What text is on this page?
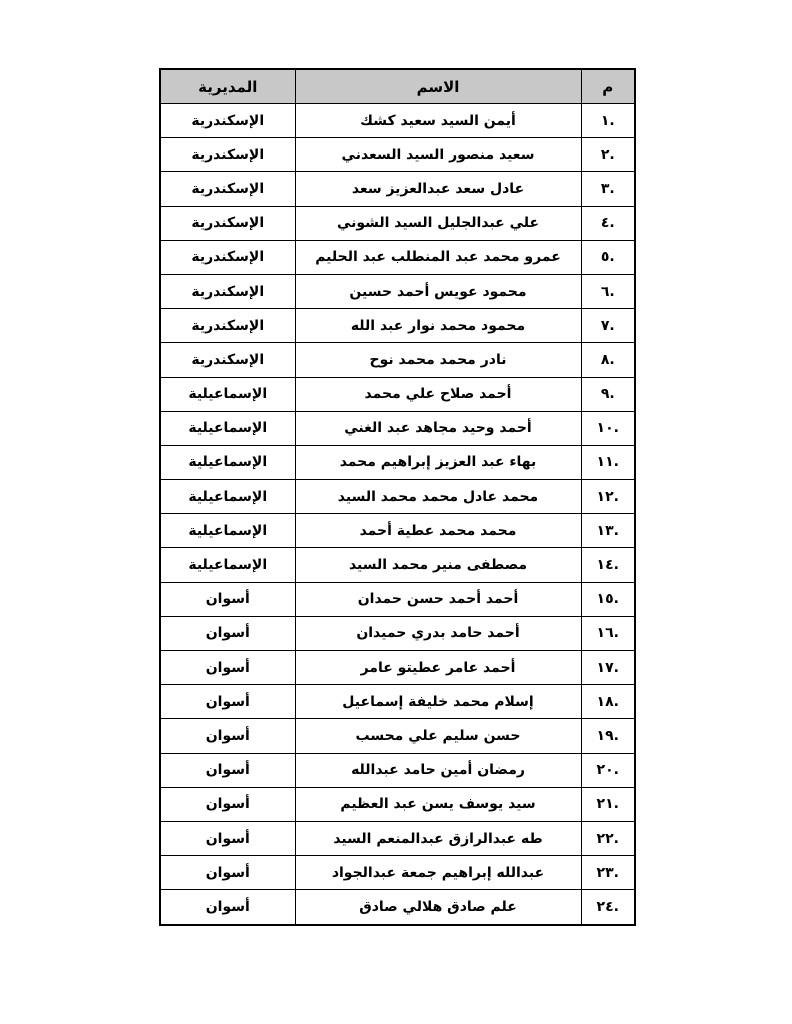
م	الاسم	المديرية
.١	أيمن السيد سعيد كشك	الإسكندرية
.٢	سعيد منصور السيد السعدني	الإسكندرية
.٣	عادل سعد عبدالعزيز سعد	الإسكندرية
.٤	علي عبدالجليل السيد الشوني	الإسكندرية
.٥	عمرو محمد عبد المنطلب عبد الحليم	الإسكندرية
.٦	محمود عويس أحمد حسين	الإسكندرية
.٧	محمود محمد نوار عبد الله	الإسكندرية
.٨	نادر محمد محمد نوح	الإسكندرية
.٩	أحمد صلاح علي محمد	الإسماعيلية
.١٠	أحمد وحيد مجاهد عبد الغني	الإسماعيلية
.١١	بهاء عبد العزيز إبراهيم محمد	الإسماعيلية
.١٢	محمد عادل محمد محمد السيد	الإسماعيلية
.١٣	محمد محمد عطية أحمد	الإسماعيلية
.١٤	مصطفى منير محمد السيد	الإسماعيلية
.١٥	أحمد أحمد حسن حمدان	أسوان
.١٦	أحمد حامد بدري حميدان	أسوان
.١٧	أحمد عامر عطيتو عامر	أسوان
.١٨	إسلام محمد خليفة إسماعيل	أسوان
.١٩	حسن سليم علي محسب	أسوان
.٢٠	رمضان أمين حامد عبدالله	أسوان
.٢١	سيد يوسف يسن عبد العظيم	أسوان
.٢٢	طه عبدالرازق عبدالمنعم السيد	أسوان
.٢٣	عبدالله إبراهيم جمعة عبدالجواد	أسوان
.٢٤	علم صادق هلالي صادق	أسوان
